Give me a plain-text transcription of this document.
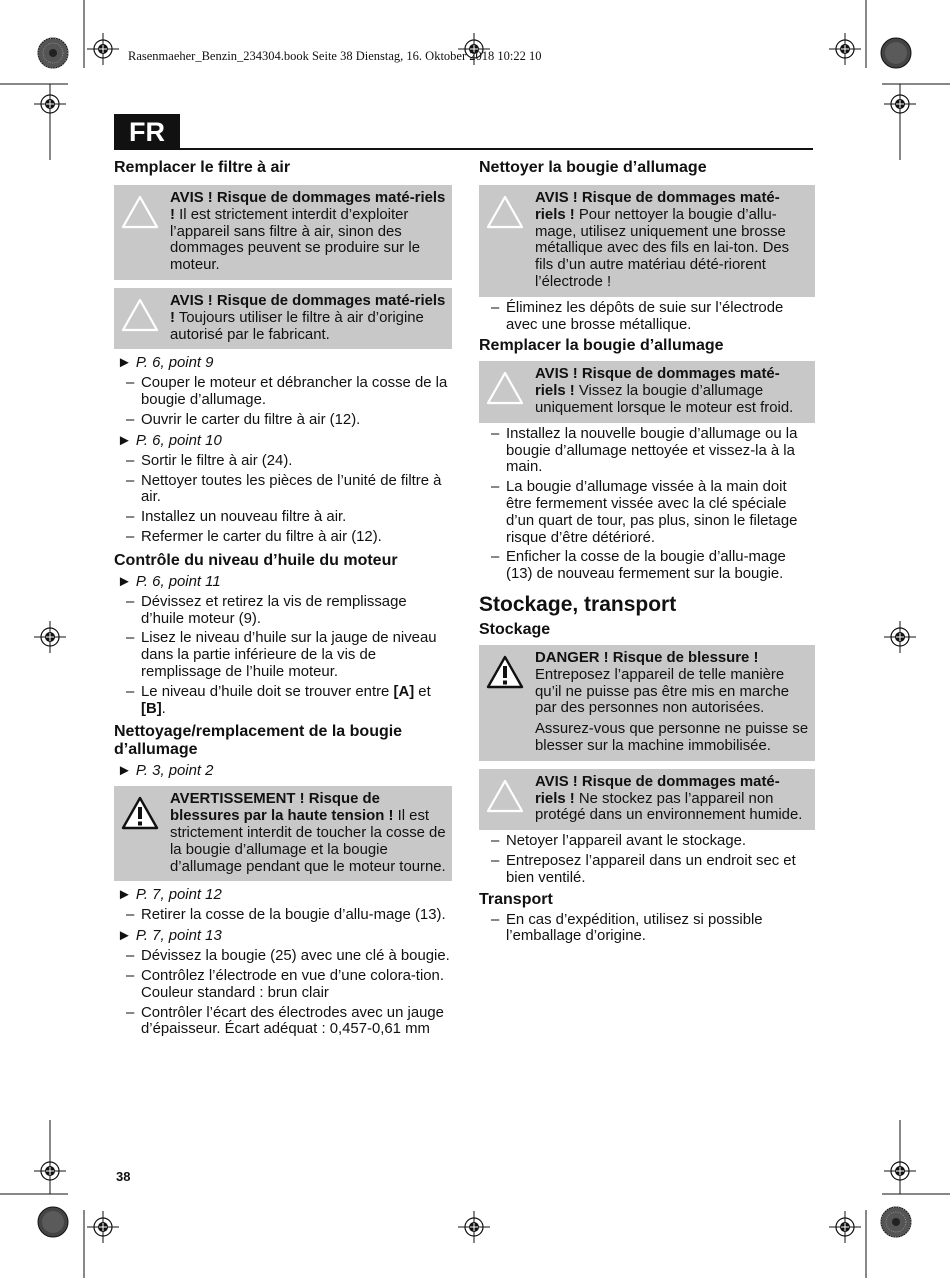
Rasenmaeher_Benzin_234304.book Seite 38 Dienstag, 16. Oktober 2018 10:22 10
FR
Remplacer le filtre à air

AVIS ! Risque de dommages maté-riels ! Il est strictement interdit d’exploiter l’appareil sans filtre à air, sinon des dommages peuvent se produire sur le moteur.

AVIS ! Risque de dommages maté-riels ! Toujours utiliser le filtre à air d’origine autorisé par le fabricant.

► P. 6, point 9
– Couper le moteur et débrancher la cosse de la bougie d’allumage.
– Ouvrir le carter du filtre à air (12).
► P. 6, point 10
– Sortir le filtre à air (24).
– Nettoyer toutes les pièces de l’unité de filtre à air.
– Installez un nouveau filtre à air.
– Refermer le carter du filtre à air (12).
Contrôle du niveau d’huile du moteur
► P. 6, point 11
– Dévissez et retirez la vis de remplissage d’huile moteur (9).
– Lisez le niveau d’huile sur la jauge de niveau dans la partie inférieure de la vis de remplissage de l’huile moteur.
– Le niveau d’huile doit se trouver entre [A] et [B].
Nettoyage/remplacement de la bougie d’allumage
► P. 3, point 2

AVERTISSEMENT ! Risque de blessures par la haute tension ! Il est strictement interdit de toucher la cosse de la bougie d’allumage et la bougie d’allumage pendant que le moteur tourne.

► P. 7, point 12
– Retirer la cosse de la bougie d’allu-mage (13).
► P. 7, point 13
– Dévissez la bougie (25) avec une clé à bougie.
– Contrôlez l’électrode en vue d’une colora-tion. Couleur standard : brun clair
– Contrôler l’écart des électrodes avec un jauge d’épaisseur. Écart adéquat : 0,457-0,61 mm
Nettoyer la bougie d’allumage

AVIS ! Risque de dommages maté-riels ! Pour nettoyer la bougie d’allu-mage, utilisez uniquement une brosse métallique avec des fils en lai-ton. Des fils d’un autre matériau dété-riorent l’électrode !

– Éliminez les dépôts de suie sur l’électrode avec une brosse métallique.
Remplacer la bougie d’allumage

AVIS ! Risque de dommages maté-riels ! Vissez la bougie d’allumage uniquement lorsque le moteur est froid.

– Installez la nouvelle bougie d’allumage ou la bougie d’allumage nettoyée et vissez-la à la main.
– La bougie d’allumage vissée à la main doit être fermement vissée avec la clé spéciale d’un quart de tour, pas plus, sinon le filetage risque d’être détérioré.
– Enficher la cosse de la bougie d’allu-mage (13) de nouveau fermement sur la bougie.
Stockage, transport
Stockage

DANGER ! Risque de blessure !

Entreposez l’appareil de telle manière qu’il ne puisse pas être mis en marche par des personnes non autorisées.

Assurez-vous que personne ne puisse se blesser sur la machine immobilisée.

AVIS ! Risque de dommages maté-riels ! Ne stockez pas l’appareil non protégé dans un environnement humide.

– Netoyer l’appareil avant le stockage.
– Entreposez l’appareil dans un endroit sec et bien ventilé.
Transport
– En cas d’expédition, utilisez si possible l’emballage d’origine.
38
